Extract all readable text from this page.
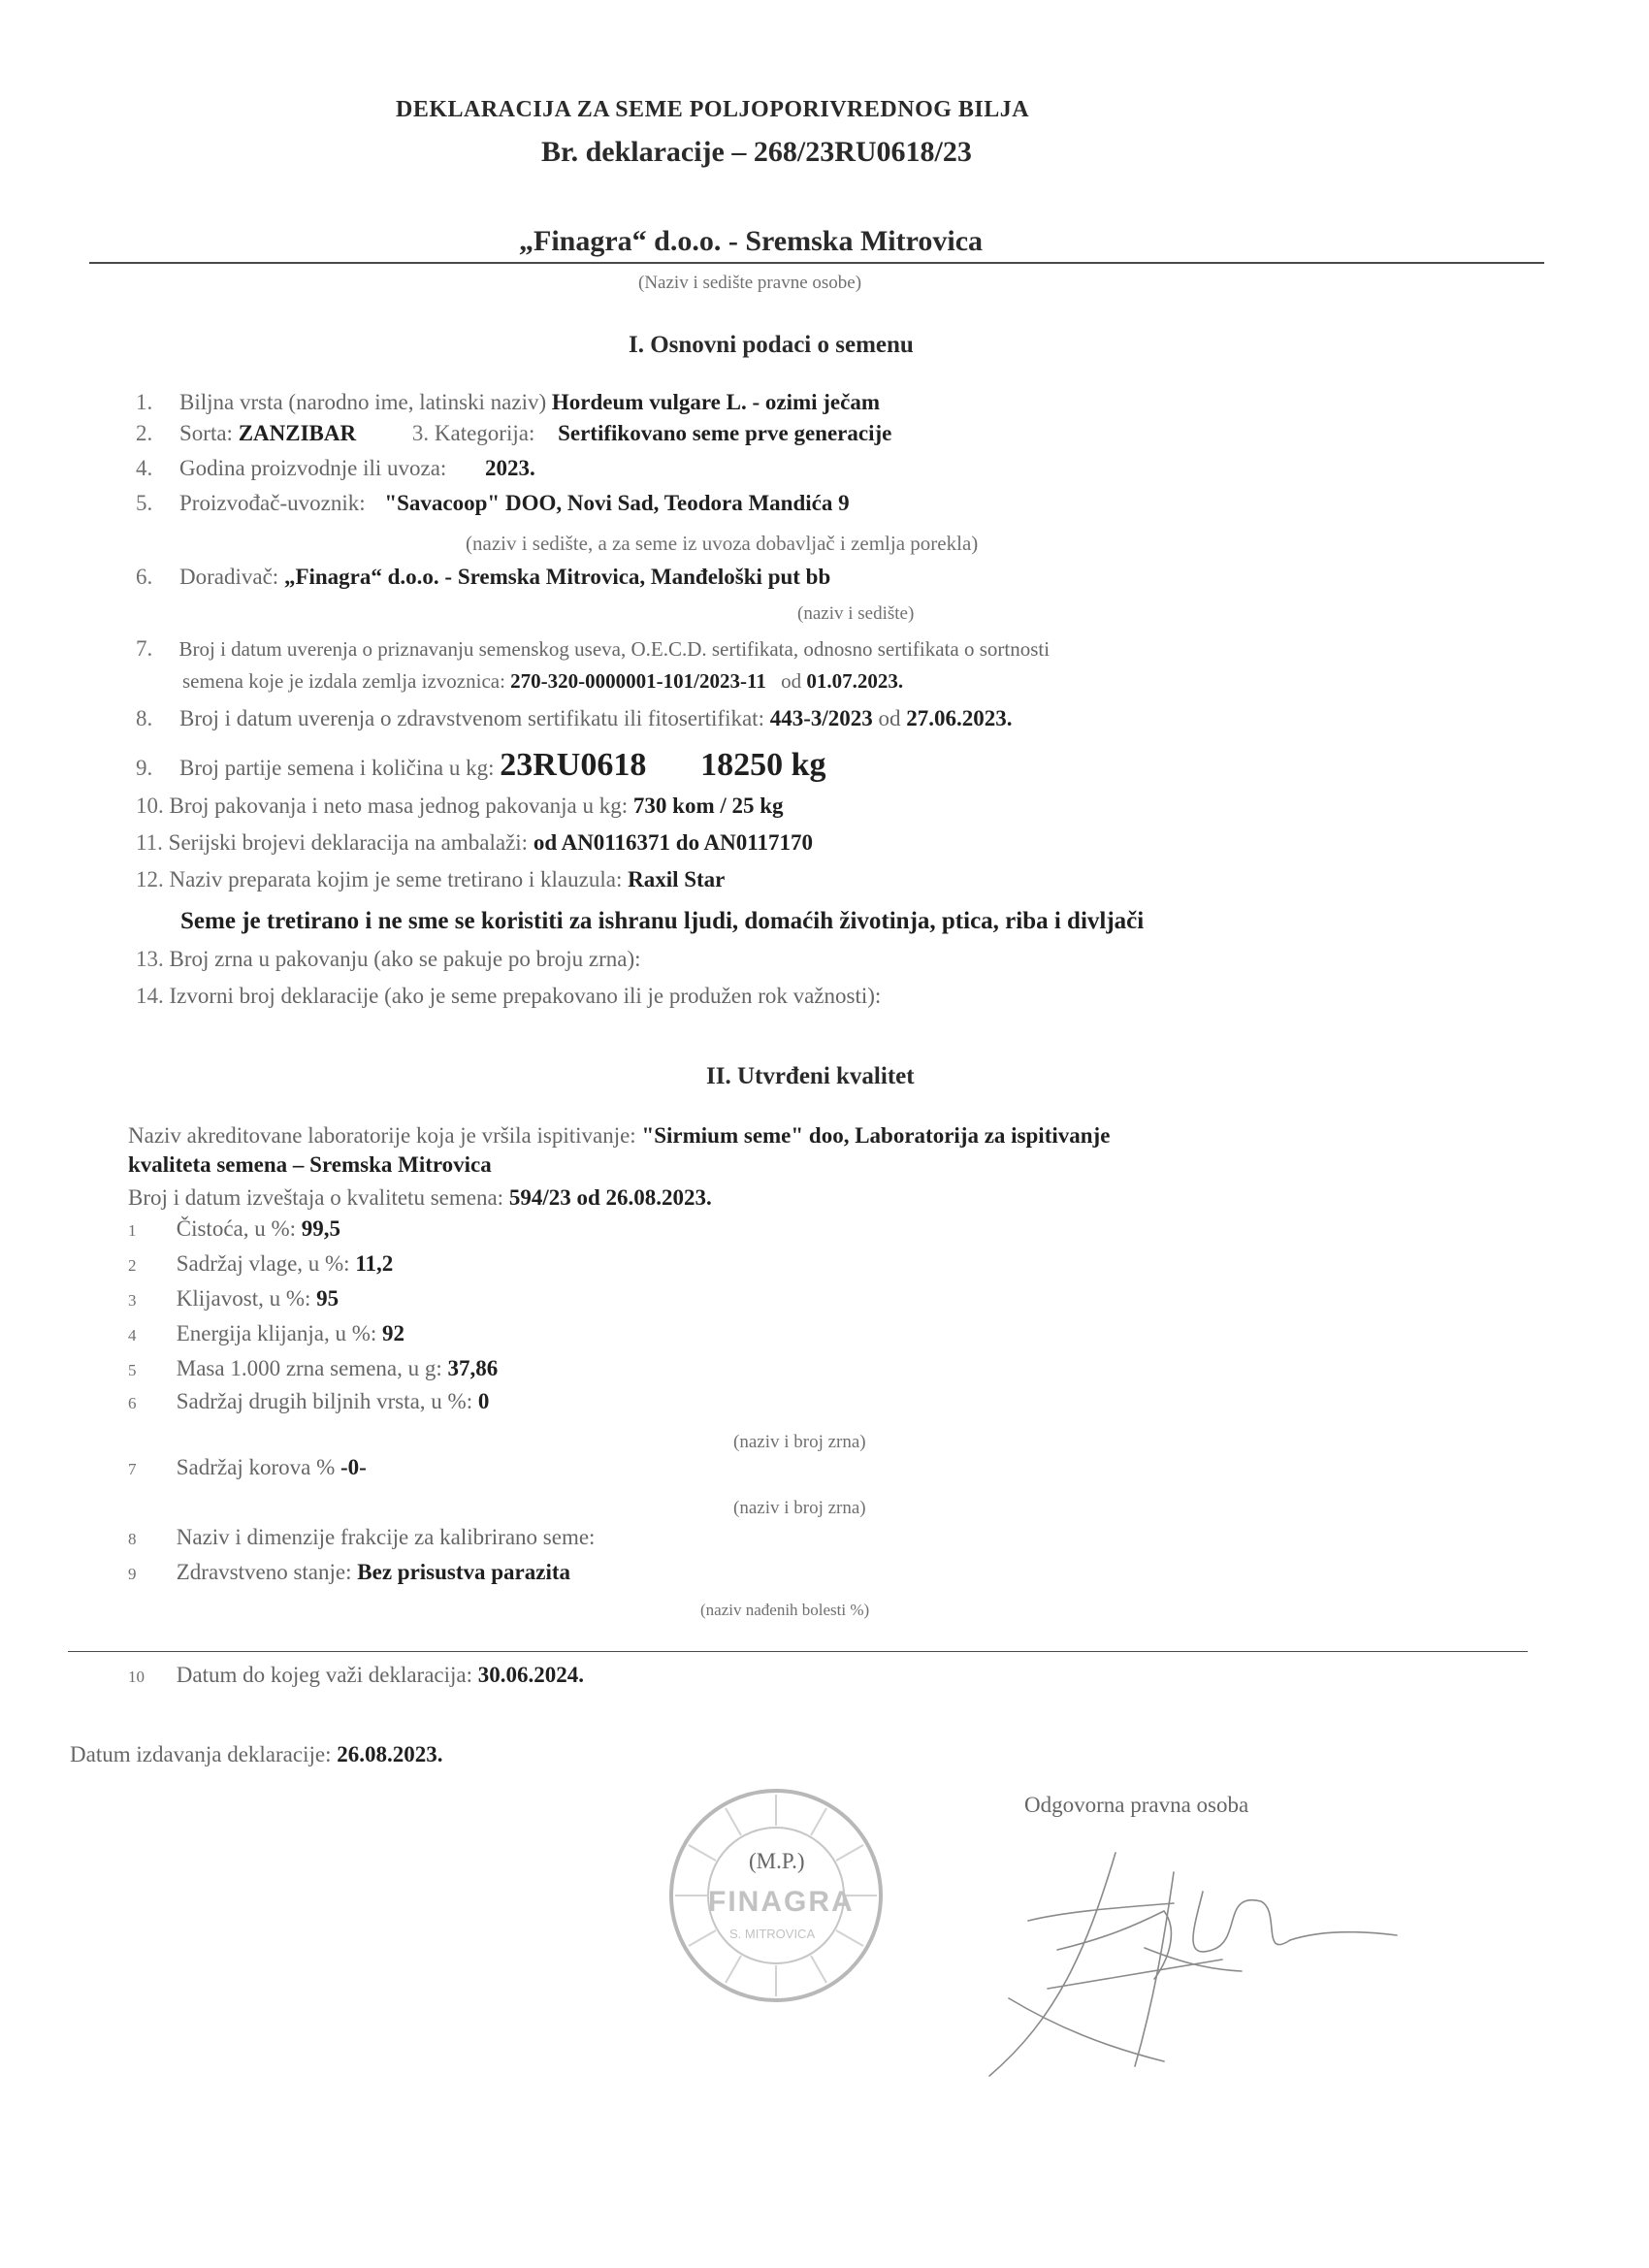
DEKLARACIJA ZA SEME POLJOPORIVREDNOG BILJA
Br. deklaracije – 268/23RU0618/23
„Finagra“ d.o.o. - Sremska Mitrovica
(Naziv i sedište pravne osobe)
I. Osnovni podaci o semenu
1. Biljna vrsta (narodno ime, latinski naziv) Hordeum vulgare L. - ozimi ječam
2. Sorta: ZANZIBAR	3. Kategorija: Sertifikovano seme prve generacije
4. Godina proizvodnje ili uvoza: 2023.
5. Proizvođač-uvoznik: "Savacoop" DOO, Novi Sad, Teodora Mandića 9
(naziv i sedište, a za seme iz uvoza dobavljač i zemlja porekla)
6. Doradivač: „Finagra“ d.o.o. - Sremska Mitrovica, Manđeloški put bb
(naziv i sedište)
7. Broj i datum uverenja o priznavanju semenskog useva, O.E.C.D. sertifikata, odnosno sertifikata o sortnosti
semena koje je izdala zemlja izvoznica: 270-320-0000001-101/2023-11 od 01.07.2023.
8. Broj i datum uverenja o zdravstvenom sertifikatu ili fitosertifikat: 443-3/2023 od 27.06.2023.
9. Broj partije semena i količina u kg: 23RU0618 18250 kg
10. Broj pakovanja i neto masa jednog pakovanja u kg: 730 kom / 25 kg
11. Serijski brojevi deklaracija na ambalaži: od AN0116371 do AN0117170
12. Naziv preparata kojim je seme tretirano i klauzula: Raxil Star
Seme je tretirano i ne sme se koristiti za ishranu ljudi, domaćih životinja, ptica, riba i divljači
13. Broj zrna u pakovanju (ako se pakuje po broju zrna):
14. Izvorni broj deklaracije (ako je seme prepakovano ili je produžen rok važnosti):
II. Utvrđeni kvalitet
Naziv akreditovane laboratorije koja je vršila ispitivanje: "Sirmium seme" doo, Laboratorija za ispitivanje
kvaliteta semena – Sremska Mitrovica
Broj i datum izveštaja o kvalitetu semena: 594/23 od 26.08.2023.
1 Čistoća, u %: 99,5
2 Sadržaj vlage, u %: 11,2
3 Klijavost, u %: 95
4 Energija klijanja, u %: 92
5 Masa 1.000 zrna semena, u g: 37,86
6 Sadržaj drugih biljnih vrsta, u %: 0
(naziv i broj zrna)
7 Sadržaj korova % -0-
(naziv i broj zrna)
8 Naziv i dimenzije frakcije za kalibrirano seme:
9 Zdravstveno stanje: Bez prisustva parazita
(naziv nađenih bolesti %)
10 Datum do kojeg važi deklaracija: 30.06.2024.
Datum izdavanja deklaracije: 26.08.2023.
Odgovorna pravna osoba
(M.P.)
FINAGRA
S. MITROVICA
